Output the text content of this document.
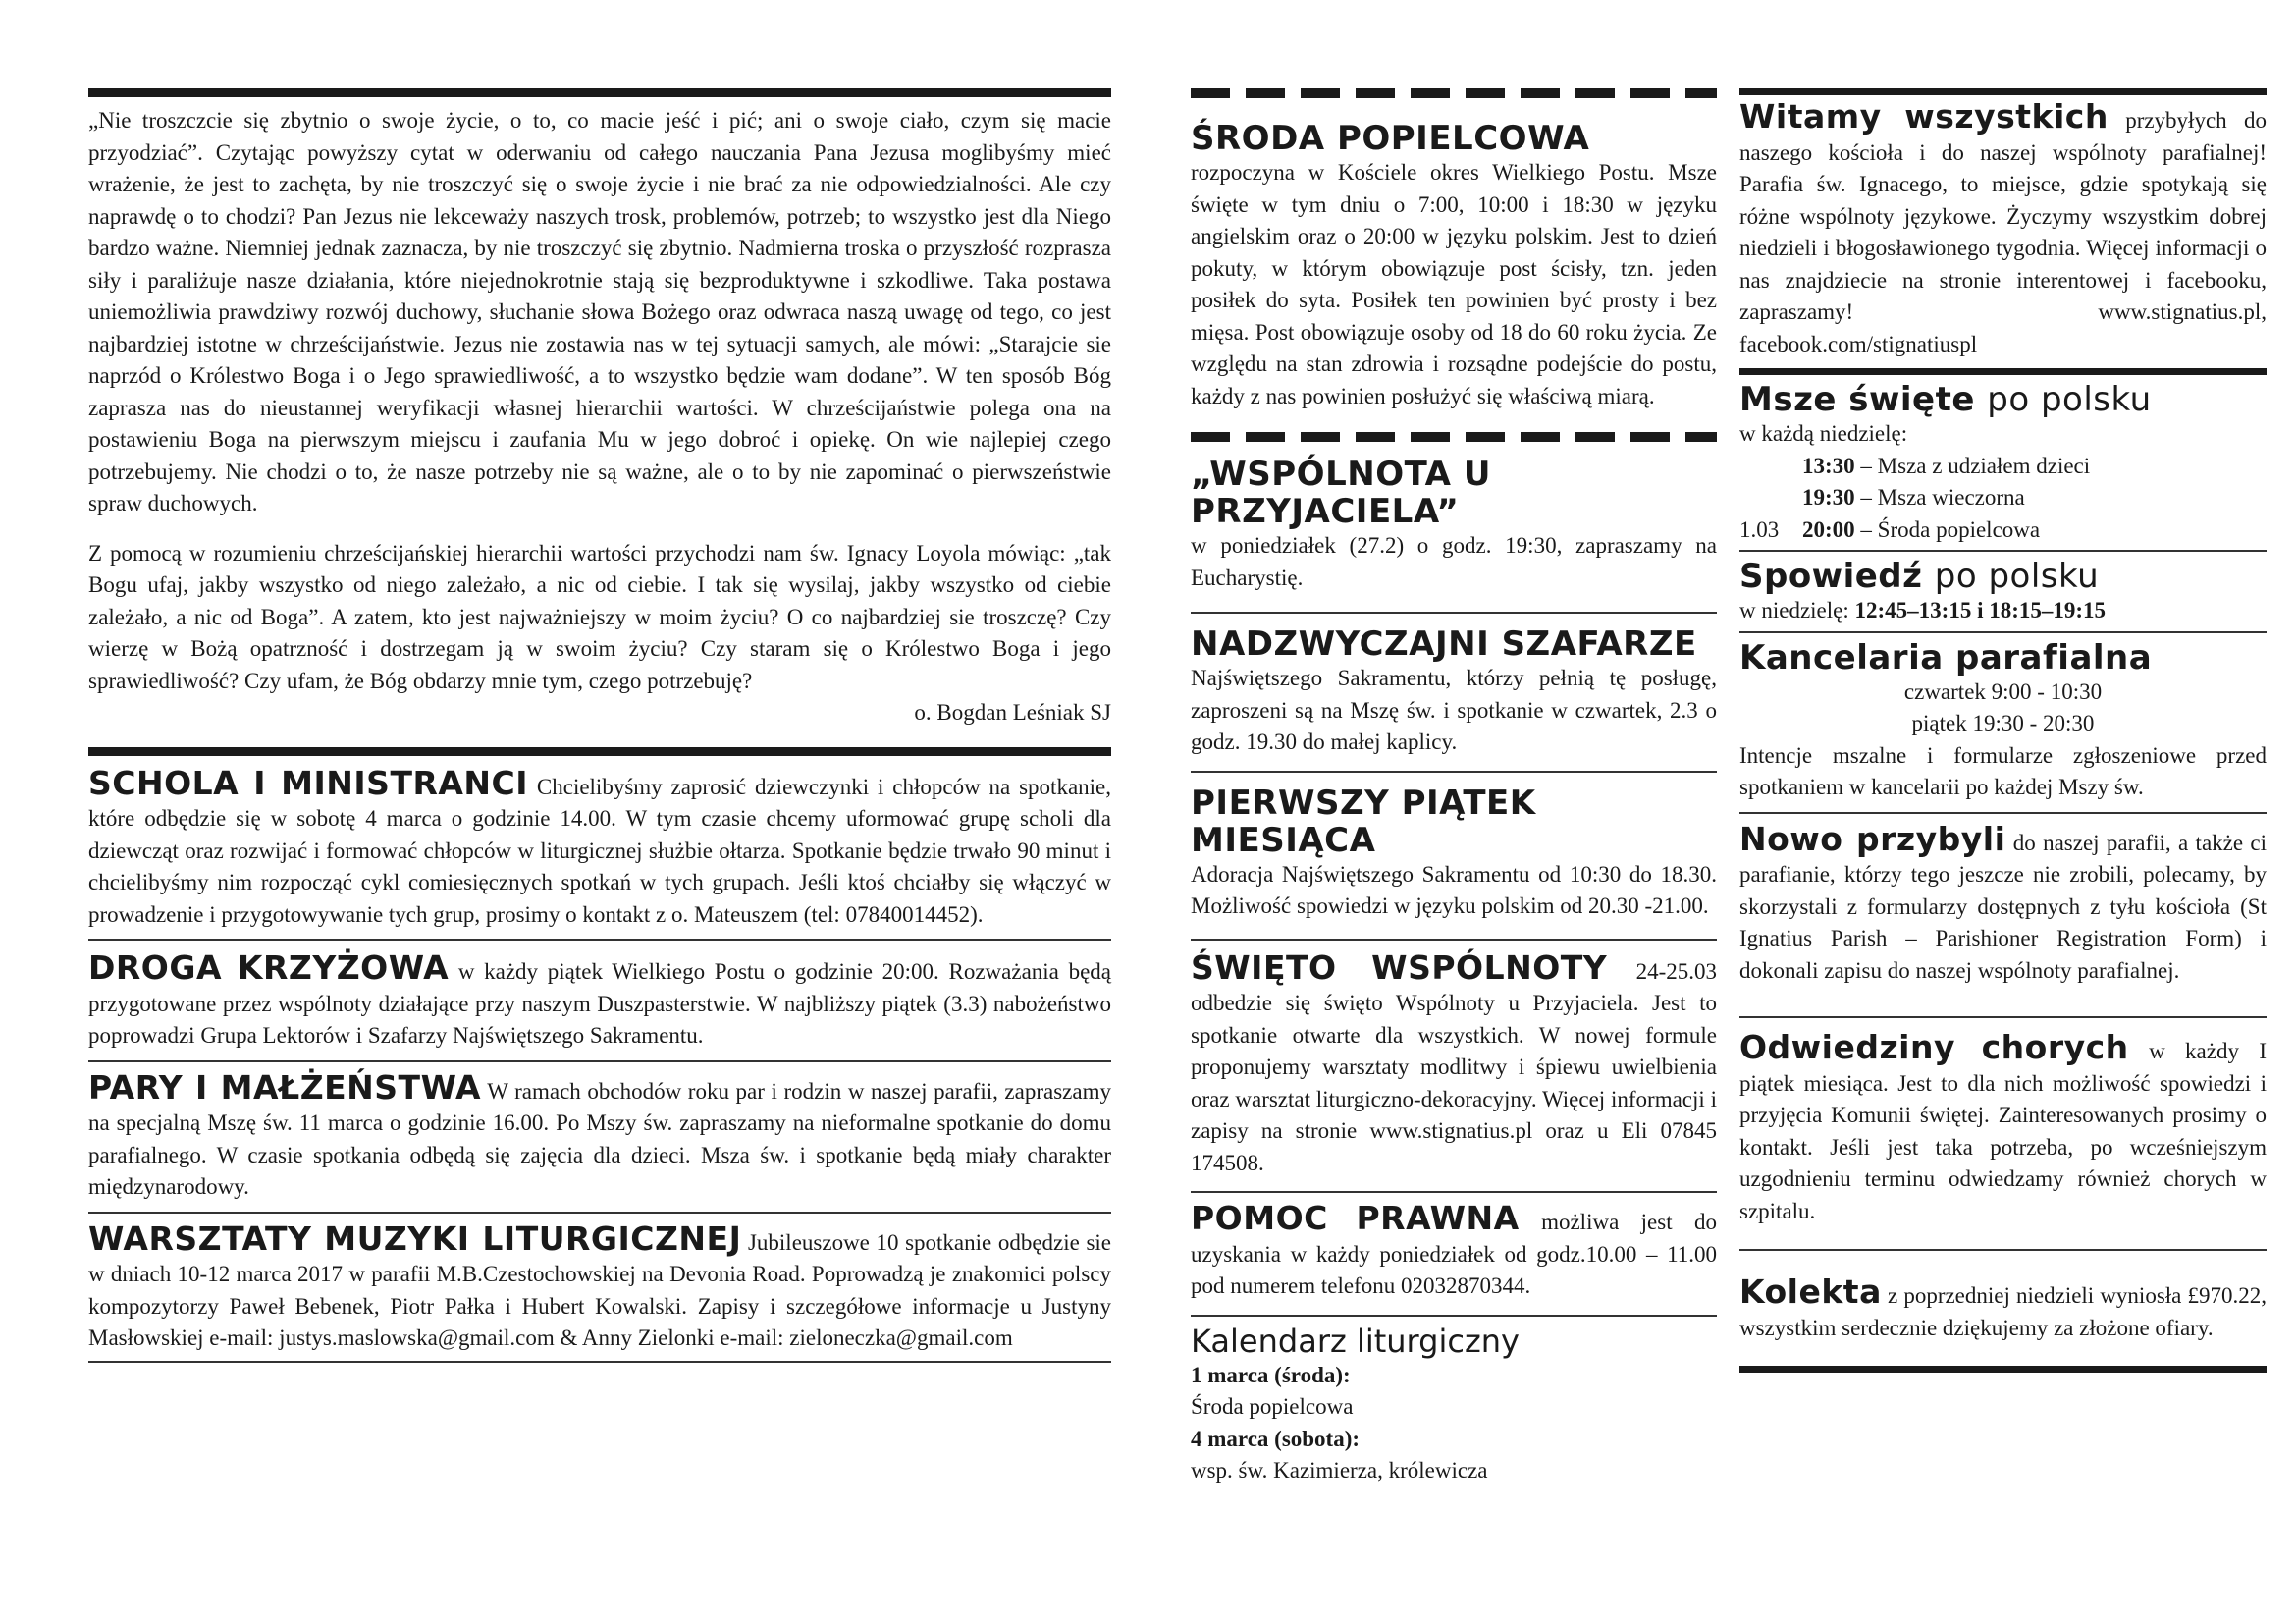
„Nie troszczcie się zbytnio o swoje życie, o to, co macie jeść i pić; ani o swoje ciało, czym się macie przyodziać”. Czytając powyższy cytat w oderwaniu od całego nauczania Pana Jezusa moglibyśmy mieć wrażenie, że jest to zachęta, by nie troszczyć się o swoje życie i nie brać za nie odpowiedzialności. Ale czy naprawdę o to chodzi? Pan Jezus nie lekceważy naszych trosk, problemów, potrzeb; to wszystko jest dla Niego bardzo ważne. Niemniej jednak zaznacza, by nie troszczyć się zbytnio. Nadmierna troska o przyszłość rozprasza siły i paraliżuje nasze działania, które niejednokrotnie stają się bezproduktywne i szkodliwe. Taka postawa uniemożliwia prawdziwy rozwój duchowy, słuchanie słowa Bożego oraz odwraca naszą uwagę od tego, co jest najbardziej istotne w chrześcijaństwie. Jezus nie zostawia nas w tej sytuacji samych, ale mówi: „Starajcie sie naprzód o Królestwo Boga i o Jego sprawiedliwość, a to wszystko będzie wam dodane”. W ten sposób Bóg zaprasza nas do nieustannej weryfikacji własnej hierarchii wartości. W chrześcijaństwie polega ona na postawieniu Boga na pierwszym miejscu i zaufania Mu w jego dobroć i opiekę. On wie najlepiej czego potrzebujemy. Nie chodzi o to, że nasze potrzeby nie są ważne, ale o to by nie zapominać o pierwszeństwie spraw duchowych.

Z pomocą w rozumieniu chrześcijańskiej hierarchii wartości przychodzi nam św. Ignacy Loyola mówiąc: „tak Bogu ufaj, jakby wszystko od niego zależało, a nic od ciebie. I tak się wysilaj, jakby wszystko od ciebie zależało, a nic od Boga”. A zatem, kto jest najważniejszy w moim życiu? O co najbardziej sie troszczę? Czy wierzę w Bożą opatrzność i dostrzegam ją w swoim życiu? Czy staram się o Królestwo Boga i jego sprawiedliwość? Czy ufam, że Bóg obdarzy mnie tym, czego potrzebuję?

o. Bogdan Leśniak SJ

SCHOLA I MINISTRANCI Chcielibyśmy zaprosić dziewczynki i chłopców na spotkanie, które odbędzie się w sobotę 4 marca o godzinie 14.00. W tym czasie chcemy uformować grupę scholi dla dziewcząt oraz rozwijać i formować chłopców w liturgicznej służbie ołtarza. Spotkanie będzie trwało 90 minut i chcielibyśmy nim rozpocząć cykl comiesięcznych spotkań w tych grupach. Jeśli ktoś chciałby się włączyć w prowadzenie i przygotowywanie tych grup, prosimy o kontakt z o. Mateuszem (tel: 07840014452).

DROGA KRZYŻOWA w każdy piątek Wielkiego Postu o godzinie 20:00. Rozważania będą przygotowane przez wspólnoty działające przy naszym Duszpasterstwie. W najbliższy piątek (3.3) nabożeństwo poprowadzi Grupa Lektorów i Szafarzy Najświętszego Sakramentu.

PARY I MAŁŻEŃSTWA W ramach obchodów roku par i rodzin w naszej parafii, zapraszamy na specjalną Mszę św. 11 marca o godzinie 16.00. Po Mszy św. zapraszamy na nieformalne spotkanie do domu parafialnego. W czasie spotkania odbędą się zajęcia dla dzieci. Msza św. i spotkanie będą miały charakter międzynarodowy.

WARSZTATY MUZYKI LITURGICZNEJ Jubileuszowe 10 spotkanie odbędzie sie w dniach 10-12 marca 2017 w parafii M.B.Czestochowskiej na Devonia Road. Poprowadzą je znakomici polscy kompozytorzy Paweł Bebenek, Piotr Pałka i Hubert Kowalski. Zapisy i szczegółowe informacje u Justyny Masłowskiej e-mail: justys.maslowska@gmail.com & Anny Zielonki e-mail: zieloneczka@gmail.com

ŚRODA POPIELCOWA

rozpoczyna w Kościele okres Wielkiego Postu. Msze święte w tym dniu o 7:00, 10:00 i 18:30 w języku angielskim oraz o 20:00 w języku polskim. Jest to dzień pokuty, w którym obowiązuje post ścisły, tzn. jeden posiłek do syta. Posiłek ten powinien być prosty i bez mięsa. Post obowiązuje osoby od 18 do 60 roku życia. Ze względu na stan zdrowia i rozsądne podejście do postu, każdy z nas powinien posłużyć się właściwą miarą.

„WSPÓLNOTA U PRZYJACIELA”

w poniedziałek (27.2) o godz. 19:30, zapraszamy na Eucharystię.

NADZWYCZAJNI SZAFARZE

Najświętszego Sakramentu, którzy pełnią tę posługę, zaproszeni są na Mszę św. i spotkanie w czwartek, 2.3 o godz. 19.30 do małej kaplicy.

PIERWSZY PIĄTEK MIESIĄCA

Adoracja Najświętszego Sakramentu od 10:30 do 18.30. Możliwość spowiedzi w języku polskim od 20.30 -21.00.

ŚWIĘTO WSPÓLNOTY 24-25.03 odbedzie się święto Wspólnoty u Przyjaciela. Jest to spotkanie otwarte dla wszystkich. W nowej formule proponujemy warsztaty modlitwy i śpiewu uwielbienia oraz warsztat liturgiczno-dekoracyjny. Więcej informacji i zapisy na stronie www.stignatius.pl oraz u Eli 07845 174508.

POMOC PRAWNA możliwa jest do uzyskania w każdy poniedziałek od godz.10.00 – 11.00 pod numerem telefonu 02032870344.

Kalendarz liturgiczny

1 marca (środa):

Środa popielcowa

4 marca (sobota):

wsp. św. Kazimierza, królewicza

Witamy wszystkich przybyłych do naszego kościoła i do naszej wspólnoty parafialnej! Parafia św. Ignacego, to miejsce, gdzie spotykają się różne wspólnoty językowe. Życzymy wszystkim dobrej niedzieli i błogosławionego tygodnia. Więcej informacji o nas znajdziecie na stronie interentowej i facebooku, zapraszamy! www.stignatius.pl, facebook.com/stignatiuspl

Msze święte po polsku

w każdą niedzielę:

13:30 – Msza z udziałem dzieci

19:30 – Msza wieczorna

1.03 20:00 – Środa popielcowa

Spowiedź po polsku

w niedzielę: 12:45–13:15 i 18:15–19:15

Kancelaria parafialna

czwartek 9:00 - 10:30

piątek 19:30 - 20:30

Intencje mszalne i formularze zgłoszeniowe przed spotkaniem w kancelarii po każdej Mszy św.

Nowo przybyli do naszej parafii, a także ci parafianie, którzy tego jeszcze nie zrobili, polecamy, by skorzystali z formularzy dostępnych z tyłu kościoła (St Ignatius Parish – Parishioner Registration Form) i dokonali zapisu do naszej wspólnoty parafialnej.

Odwiedziny chorych w każdy I piątek miesiąca. Jest to dla nich możliwość spowiedzi i przyjęcia Komunii świętej. Zainteresowanych prosimy o kontakt. Jeśli jest taka potrzeba, po wcześniejszym uzgodnieniu terminu odwiedzamy również chorych w szpitalu.

Kolekta z poprzedniej niedzieli wyniosła £970.22, wszystkim serdecznie dziękujemy za złożone ofiary.
